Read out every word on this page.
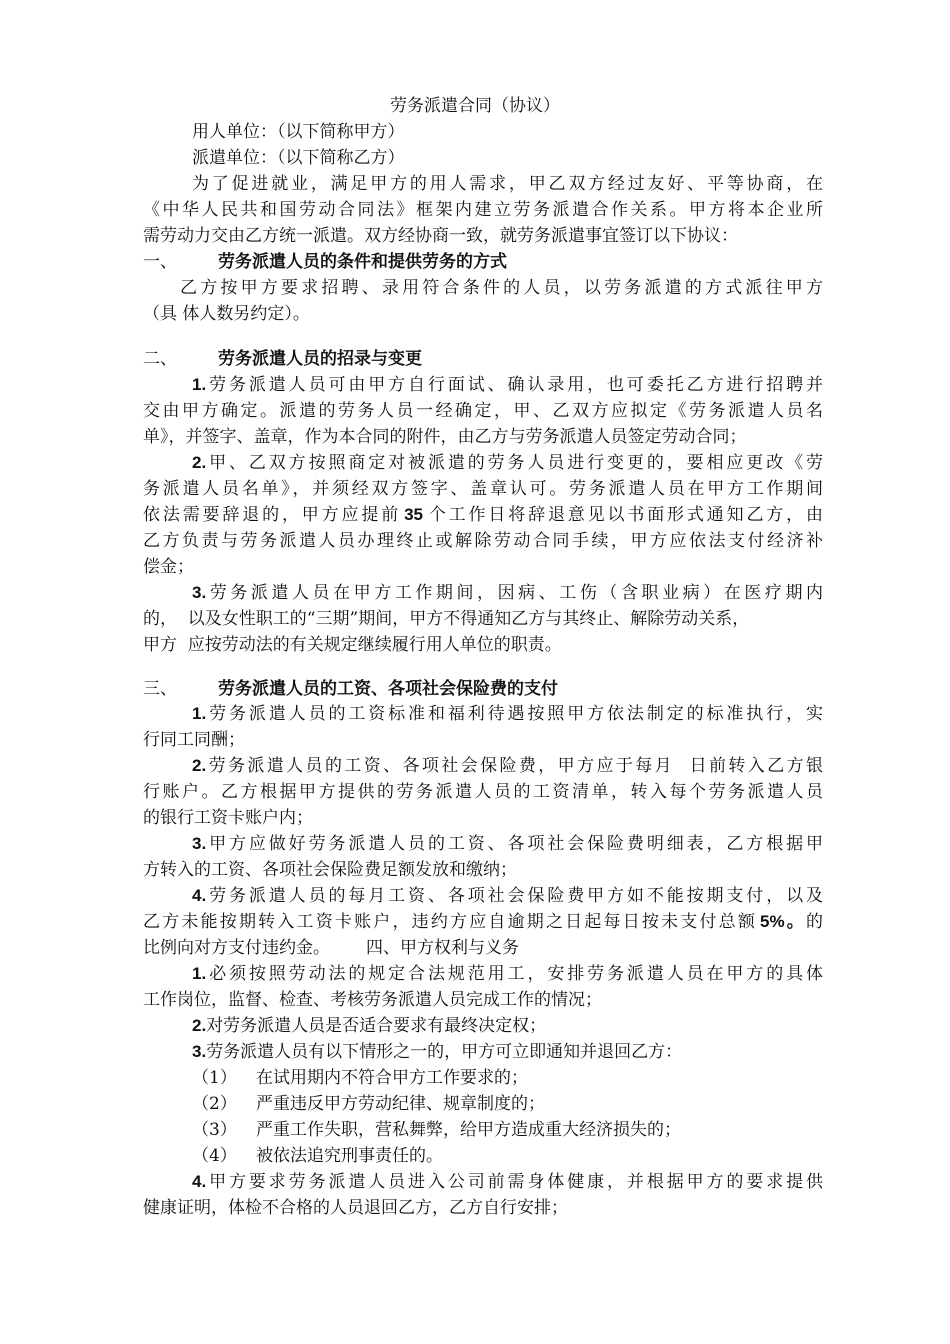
劳务派遣合同（协议）
用人单位：（以下简称甲方）
派遣单位：（以下简称乙方）
为了促进就业，满足甲方的用人需求，甲乙双方经过友好、平等协商，在
《中华人民共和国劳动合同法》框架内建立劳务派遣合作关系。甲方将本企业所
需劳动力交由乙方统一派遣。双方经协商一致，就劳务派遣事宜签订以下协议：
一、 劳务派遣人员的条件和提供劳务的方式
乙方按甲方要求招聘、录用符合条件的人员，以劳务派遣的方式派往甲方
（具 体人数另约定）。
二、 劳务派遣人员的招录与变更
1.劳务派遣人员可由甲方自行面试、确认录用，也可委托乙方进行招聘并
交由甲方确定。派遣的劳务人员一经确定，甲、乙双方应拟定《劳务派遣人员名
单》，并签字、盖章，作为本合同的附件，由乙方与劳务派遣人员签定劳动合同；
2.甲、乙双方按照商定对被派遣的劳务人员进行变更的，要相应更改《劳
务派遣人员名单》，并须经双方签字、盖章认可。劳务派遣人员在甲方工作期间
依法需要辞退的，甲方应提前 35 个工作日将辞退意见以书面形式通知乙方，由
乙方负责与劳务派遣人员办理终止或解除劳动合同手续，甲方应依法支付经济补
偿金；
3.劳务派遣人员在甲方工作期间，因病、工伤（含职业病）在医疗期内
的，  以及女性职工的“三期”期间，甲方不得通知乙方与其终止、解除劳动关系，
甲方  应按劳动法的有关规定继续履行用人单位的职责。
三、 劳务派遣人员的工资、各项社会保险费的支付
1.劳务派遣人员的工资标准和福利待遇按照甲方依法制定的标准执行，实
行同工同酬；
2.劳务派遣人员的工资、各项社会保险费，甲方应于每月  日前转入乙方银
行账户。乙方根据甲方提供的劳务派遣人员的工资清单，转入每个劳务派遣人员
的银行工资卡账户内；
3.甲方应做好劳务派遣人员的工资、各项社会保险费明细表，乙方根据甲
方转入的工资、各项社会保险费足额发放和缴纳；
4.劳务派遣人员的每月工资、各项社会保险费甲方如不能按期支付，以及
乙方未能按期转入工资卡账户，违约方应自逾期之日起每日按未支付总额 5%。的
比例向对方支付违约金。 四、甲方权利与义务
1.必须按照劳动法的规定合法规范用工，安排劳务派遣人员在甲方的具体
工作岗位，监督、检查、考核劳务派遣人员完成工作的情况；
2.对劳务派遣人员是否适合要求有最终决定权；
3.劳务派遣人员有以下情形之一的，甲方可立即通知并退回乙方：
（1） 在试用期内不符合甲方工作要求的；
（2） 严重违反甲方劳动纪律、规章制度的；
（3） 严重工作失职，营私舞弊，给甲方造成重大经济损失的；
（4） 被依法追究刑事责任的。
4.甲方要求劳务派遣人员进入公司前需身体健康，并根据甲方的要求提供
健康证明，体检不合格的人员退回乙方，乙方自行安排；
